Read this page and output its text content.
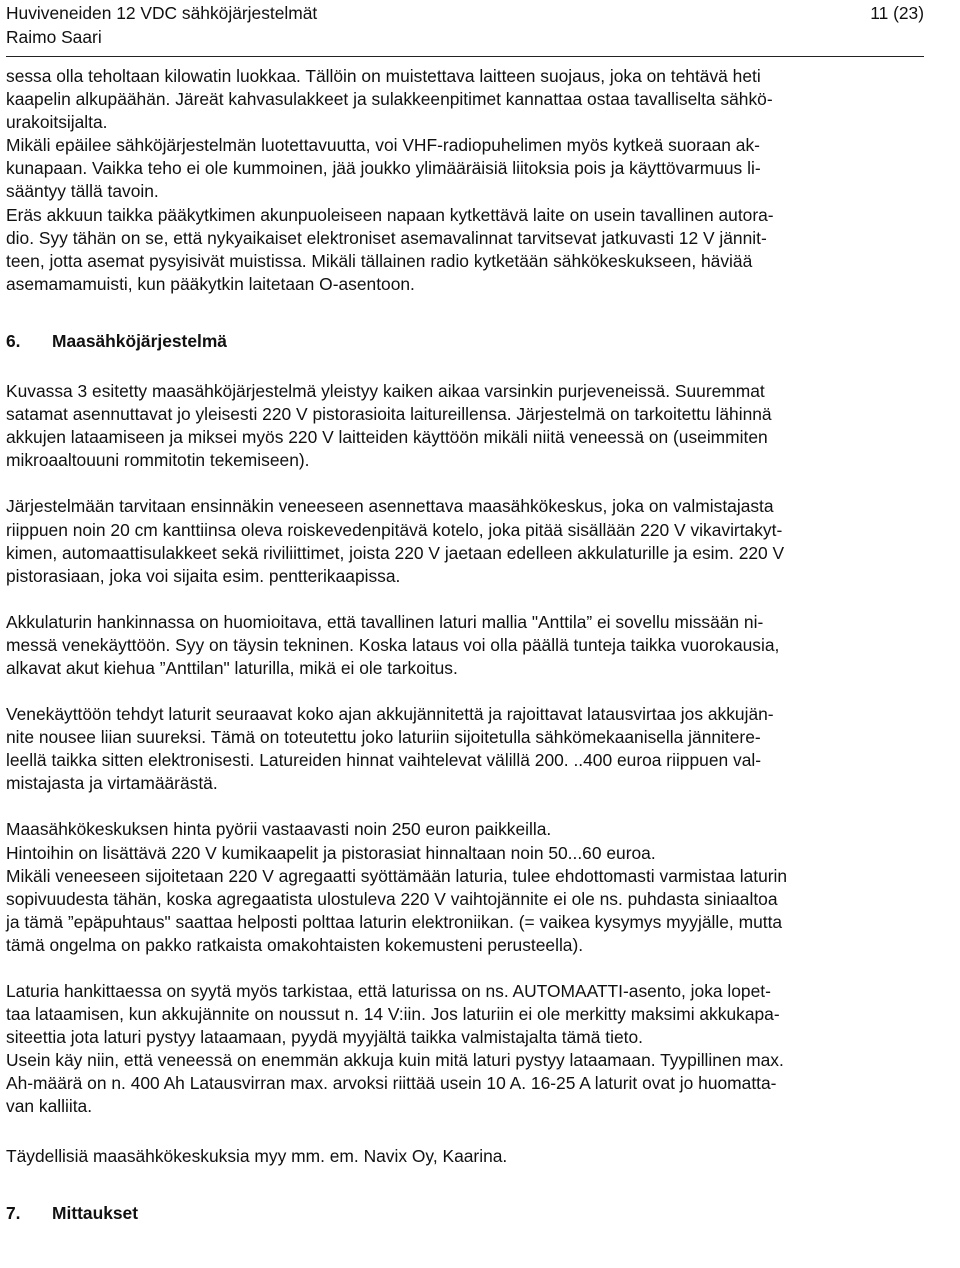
Huviveneiden 12 VDC sähköjärjestelmät
Raimo Saari
11 (23)

sessa olla teholtaan kilowatin luokkaa. Tällöin on muistettava laitteen suojaus, joka on tehtävä heti

kaapelin alkupäähän. Järeät kahvasulakkeet ja sulakkeenpitimet kannattaa ostaa tavalliselta sähkö-

urakoitsijalta.

Mikäli epäilee sähköjärjestelmän luotettavuutta, voi VHF-radiopuhelimen myös kytkeä suoraan ak-

kunapaan. Vaikka teho ei ole kummoinen, jää joukko ylimääräisiä liitoksia pois ja käyttövarmuus li-

sääntyy tällä tavoin.

Eräs akkuun taikka pääkytkimen akunpuoleiseen napaan kytkettävä laite on usein tavallinen autora-

dio. Syy tähän on se, että nykyaikaiset elektroniset asemavalinnat tarvitsevat jatkuvasti 12 V jännit-

teen, jotta asemat pysyisivät muistissa. Mikäli tällainen radio kytketään sähkökeskukseen, häviää

asemamamuisti, kun pääkytkin laitetaan O-asentoon.

6. Maasähköjärjestelmä

Kuvassa 3 esitetty maasähköjärjestelmä yleistyy kaiken aikaa varsinkin purjeveneissä. Suuremmat

satamat asennuttavat jo yleisesti 220 V pistorasioita laitureillensa. Järjestelmä on tarkoitettu lähinnä

akkujen lataamiseen ja miksei myös 220 V laitteiden käyttöön mikäli niitä veneessä on (useimmiten

mikroaaltouuni rommitotin tekemiseen).

Järjestelmään tarvitaan ensinnäkin veneeseen asennettava maasähkökeskus, joka on valmistajasta

riippuen noin 20 cm kanttiinsa oleva roiskevedenpitävä kotelo, joka pitää sisällään 220 V vikavirtakyt-

kimen, automaattisulakkeet sekä riviliittimet, joista 220 V jaetaan edelleen akkulaturille ja esim. 220 V

pistorasiaan, joka voi sijaita esim. pentterikaapissa.

Akkulaturin hankinnassa on huomioitava, että tavallinen laturi mallia "Anttila” ei sovellu missään ni-

messä venekäyttöön. Syy on täysin tekninen. Koska lataus voi olla päällä tunteja taikka vuorokausia,

alkavat akut kiehua ”Anttilan" laturilla, mikä ei ole tarkoitus.

Venekäyttöön tehdyt laturit seuraavat koko ajan akkujännitettä ja rajoittavat latausvirtaa jos akkujän-

nite nousee liian suureksi. Tämä on toteutettu joko laturiin sijoitetulla sähkömekaanisella jännitere-

leellä taikka sitten elektronisesti. Latureiden hinnat vaihtelevat välillä 200. ..400 euroa riippuen val-

mistajasta ja virtamäärästä.

Maasähkökeskuksen hinta pyörii vastaavasti noin 250 euron paikkeilla.

Hintoihin on lisättävä 220 V kumikaapelit ja pistorasiat hinnaltaan noin 50...60 euroa.

Mikäli veneeseen sijoitetaan 220 V agregaatti syöttämään laturia, tulee ehdottomasti varmistaa laturin

sopivuudesta tähän, koska agregaatista ulostuleva 220 V vaihtojännite ei ole ns. puhdasta siniaaltoa

ja tämä ”epäpuhtaus" saattaa helposti polttaa laturin elektroniikan. (= vaikea kysymys myyjälle, mutta

tämä ongelma on pakko ratkaista omakohtaisten kokemusteni perusteella).

Laturia hankittaessa on syytä myös tarkistaa, että laturissa on ns. AUTOMAATTI-asento, joka lopet-

taa lataamisen, kun akkujännite on noussut n. 14 V:iin. Jos laturiin ei ole merkitty maksimi akkukapa-

siteettia jota laturi pystyy lataamaan, pyydä myyjältä taikka valmistajalta tämä tieto.

Usein käy niin, että veneessä on enemmän akkuja kuin mitä laturi pystyy lataamaan. Tyypillinen max.

Ah-määrä on n. 400 Ah Latausvirran max. arvoksi riittää usein 10 A. 16-25 A laturit ovat jo huomatta-

van kalliita.

Täydellisiä maasähkökeskuksia myy mm. em. Navix Oy, Kaarina.

7. Mittaukset
